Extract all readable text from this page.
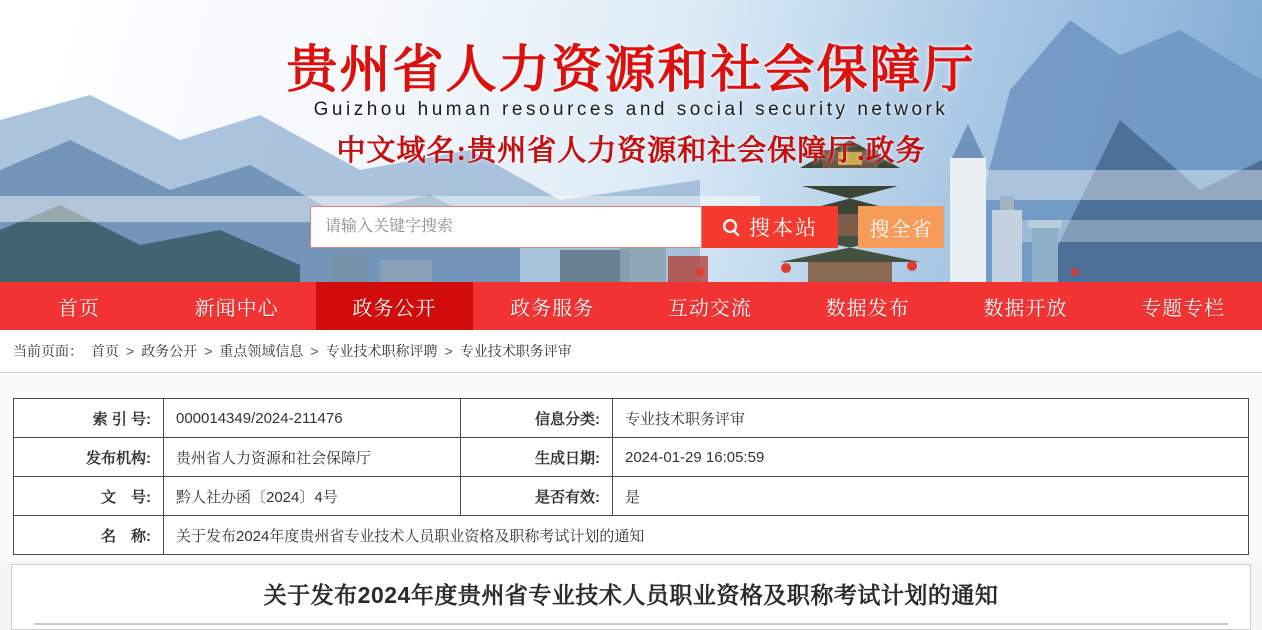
贵州省人力资源和社会保障厅
Guizhou human resources and social security network
中文域名:贵州省人力资源和社会保障厅.政务
请输入关键字搜索
搜本站	搜全省
首页	新闻中心	政务公开	政务服务	互动交流	数据发布	数据开放	专题专栏
当前页面： 首页 > 政务公开 > 重点领域信息 > 专业技术职称评聘 > 专业技术职务评审
索 引 号:	000014349/2024-211476	信息分类:	专业技术职务评审
发布机构:	贵州省人力资源和社会保障厅	生成日期:	2024-01-29 16:05:59
文　号:	黔人社办函〔2024〕4号	是否有效:	是
名　称:	关于发布2024年度贵州省专业技术人员职业资格及职称考试计划的通知		
关于发布2024年度贵州省专业技术人员职业资格及职称考试计划的通知
